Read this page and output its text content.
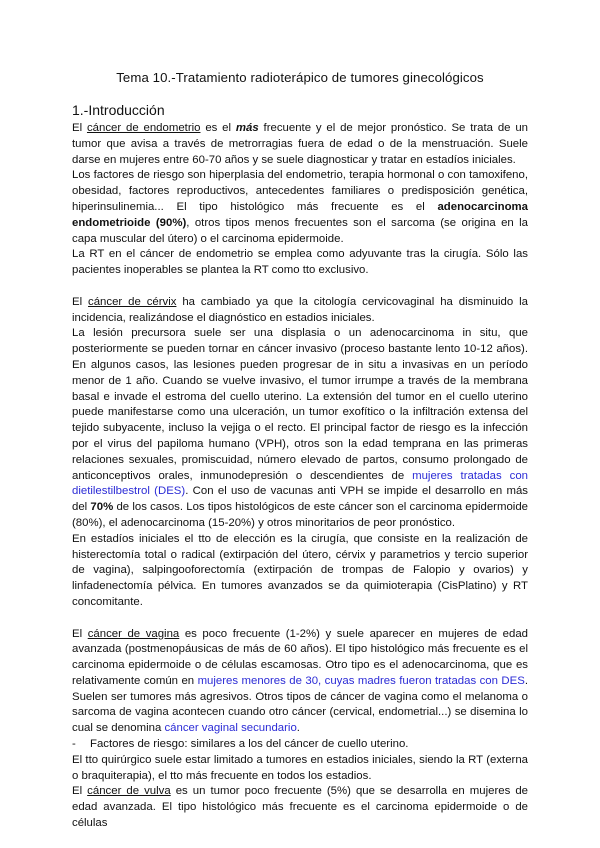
Tema 10.-Tratamiento radioterápico de tumores ginecológicos
1.-Introducción

El cáncer de endometrio es el más frecuente y el de mejor pronóstico. Se trata de un tumor que avisa a través de metrorragias fuera de edad o de la menstruación. Suele darse en mujeres entre 60-70 años y se suele diagnosticar y tratar en estadíos iniciales.

Los factores de riesgo son hiperplasia del endometrio, terapia hormonal o con tamoxifeno, obesidad, factores reproductivos, antecedentes familiares o predisposición genética, hiperinsulinemia... El tipo histológico más frecuente es el adenocarcinoma endometrioide (90%), otros tipos menos frecuentes son el sarcoma (se origina en la capa muscular del útero) o el carcinoma epidermoide.

La RT en el cáncer de endometrio se emplea como adyuvante tras la cirugía. Sólo las pacientes inoperables se plantea la RT como tto exclusivo.

El cáncer de cérvix ha cambiado ya que la citología cervicovaginal ha disminuido la incidencia, realizándose el diagnóstico en estadios iniciales.

La lesión precursora suele ser una displasia o un adenocarcinoma in situ, que posteriormente se pueden tornar en cáncer invasivo (proceso bastante lento 10-12 años). En algunos casos, las lesiones pueden progresar de in situ a invasivas en un período menor de 1 año. Cuando se vuelve invasivo, el tumor irrumpe a través de la membrana basal e invade el estroma del cuello uterino. La extensión del tumor en el cuello uterino puede manifestarse como una ulceración, un tumor exofítico o la infiltración extensa del tejido subyacente, incluso la vejiga o el recto. El principal factor de riesgo es la infección por el virus del papiloma humano (VPH), otros son la edad temprana en las primeras relaciones sexuales, promiscuidad, número elevado de partos, consumo prolongado de anticonceptivos orales, inmunodepresión o descendientes de mujeres tratadas con dietilestilbestrol (DES). Con el uso de vacunas anti VPH se impide el desarrollo en más del 70% de los casos. Los tipos histológicos de este cáncer son el carcinoma epidermoide (80%), el adenocarcinoma (15-20%) y otros minoritarios de peor pronóstico.

En estadíos iniciales el tto de elección es la cirugía, que consiste en la realización de histerectomía total o radical (extirpación del útero, cérvix y parametrios y tercio superior de vagina), salpingooforectomía (extirpación de trompas de Falopio y ovarios) y linfadenectomía pélvica. En tumores avanzados se da quimioterapia (CisPlatino) y RT concomitante.

El cáncer de vagina es poco frecuente (1-2%) y suele aparecer en mujeres de edad avanzada (postmenopáusicas de más de 60 años). El tipo histológico más frecuente es el carcinoma epidermoide o de células escamosas. Otro tipo es el adenocarcinoma, que es relativamente común en mujeres menores de 30, cuyas madres fueron tratadas con DES. Suelen ser tumores más agresivos. Otros tipos de cáncer de vagina como el melanoma o sarcoma de vagina acontecen cuando otro cáncer (cervical, endometrial...) se disemina lo cual se denomina cáncer vaginal secundario.

- Factores de riesgo: similares a los del cáncer de cuello uterino.

El tto quirúrgico suele estar limitado a tumores en estadios iniciales, siendo la RT (externa o braquiterapia), el tto más frecuente en todos los estadios.

El cáncer de vulva es un tumor poco frecuente (5%) que se desarrolla en mujeres de edad avanzada. El tipo histológico más frecuente es el carcinoma epidermoide o de células
